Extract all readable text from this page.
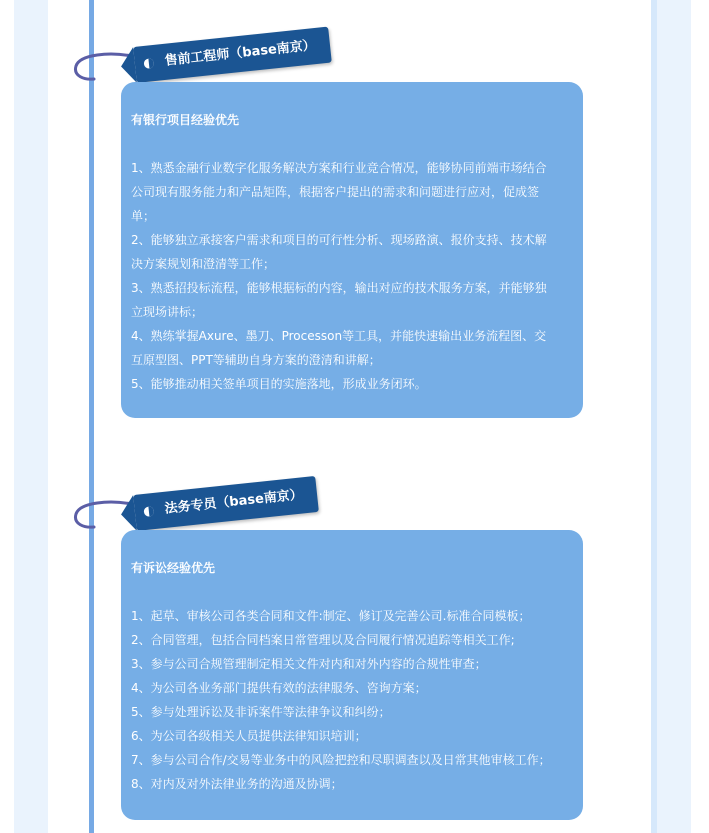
售前工程师（base南京）

有银行项目经验优先

1、熟悉金融行业数字化服务解决方案和行业竞合情况，能够协同前端市场结合

公司现有服务能力和产品矩阵，根据客户提出的需求和问题进行应对，促成签

单；

2、能够独立承接客户需求和项目的可行性分析、现场路演、报价支持、技术解

决方案规划和澄清等工作；

3、熟悉招投标流程，能够根据标的内容，输出对应的技术服务方案，并能够独

立现场讲标；

4、熟练掌握Axure、墨刀、Processon等工具，并能快速输出业务流程图、交

互原型图、PPT等辅助自身方案的澄清和讲解；

5、能够推动相关签单项目的实施落地，形成业务闭环。

法务专员（base南京）

有诉讼经验优先

1、起草、审核公司各类合同和文件:制定、修订及完善公司.标准合同模板；

2、合同管理，包括合同档案日常管理以及合同履行情况追踪等相关工作;

3、参与公司合规管理制定相关文件对内和对外内容的合规性审查；

4、为公司各业务部门提供有效的法律服务、咨询方案；

5、参与处理诉讼及非诉案件等法律争议和纠纷；

6、为公司各级相关人员提供法律知识培训；

7、参与公司合作/交易等业务中的风险把控和尽职调查以及日常其他审核工作；

8、对内及对外法律业务的沟通及协调；
